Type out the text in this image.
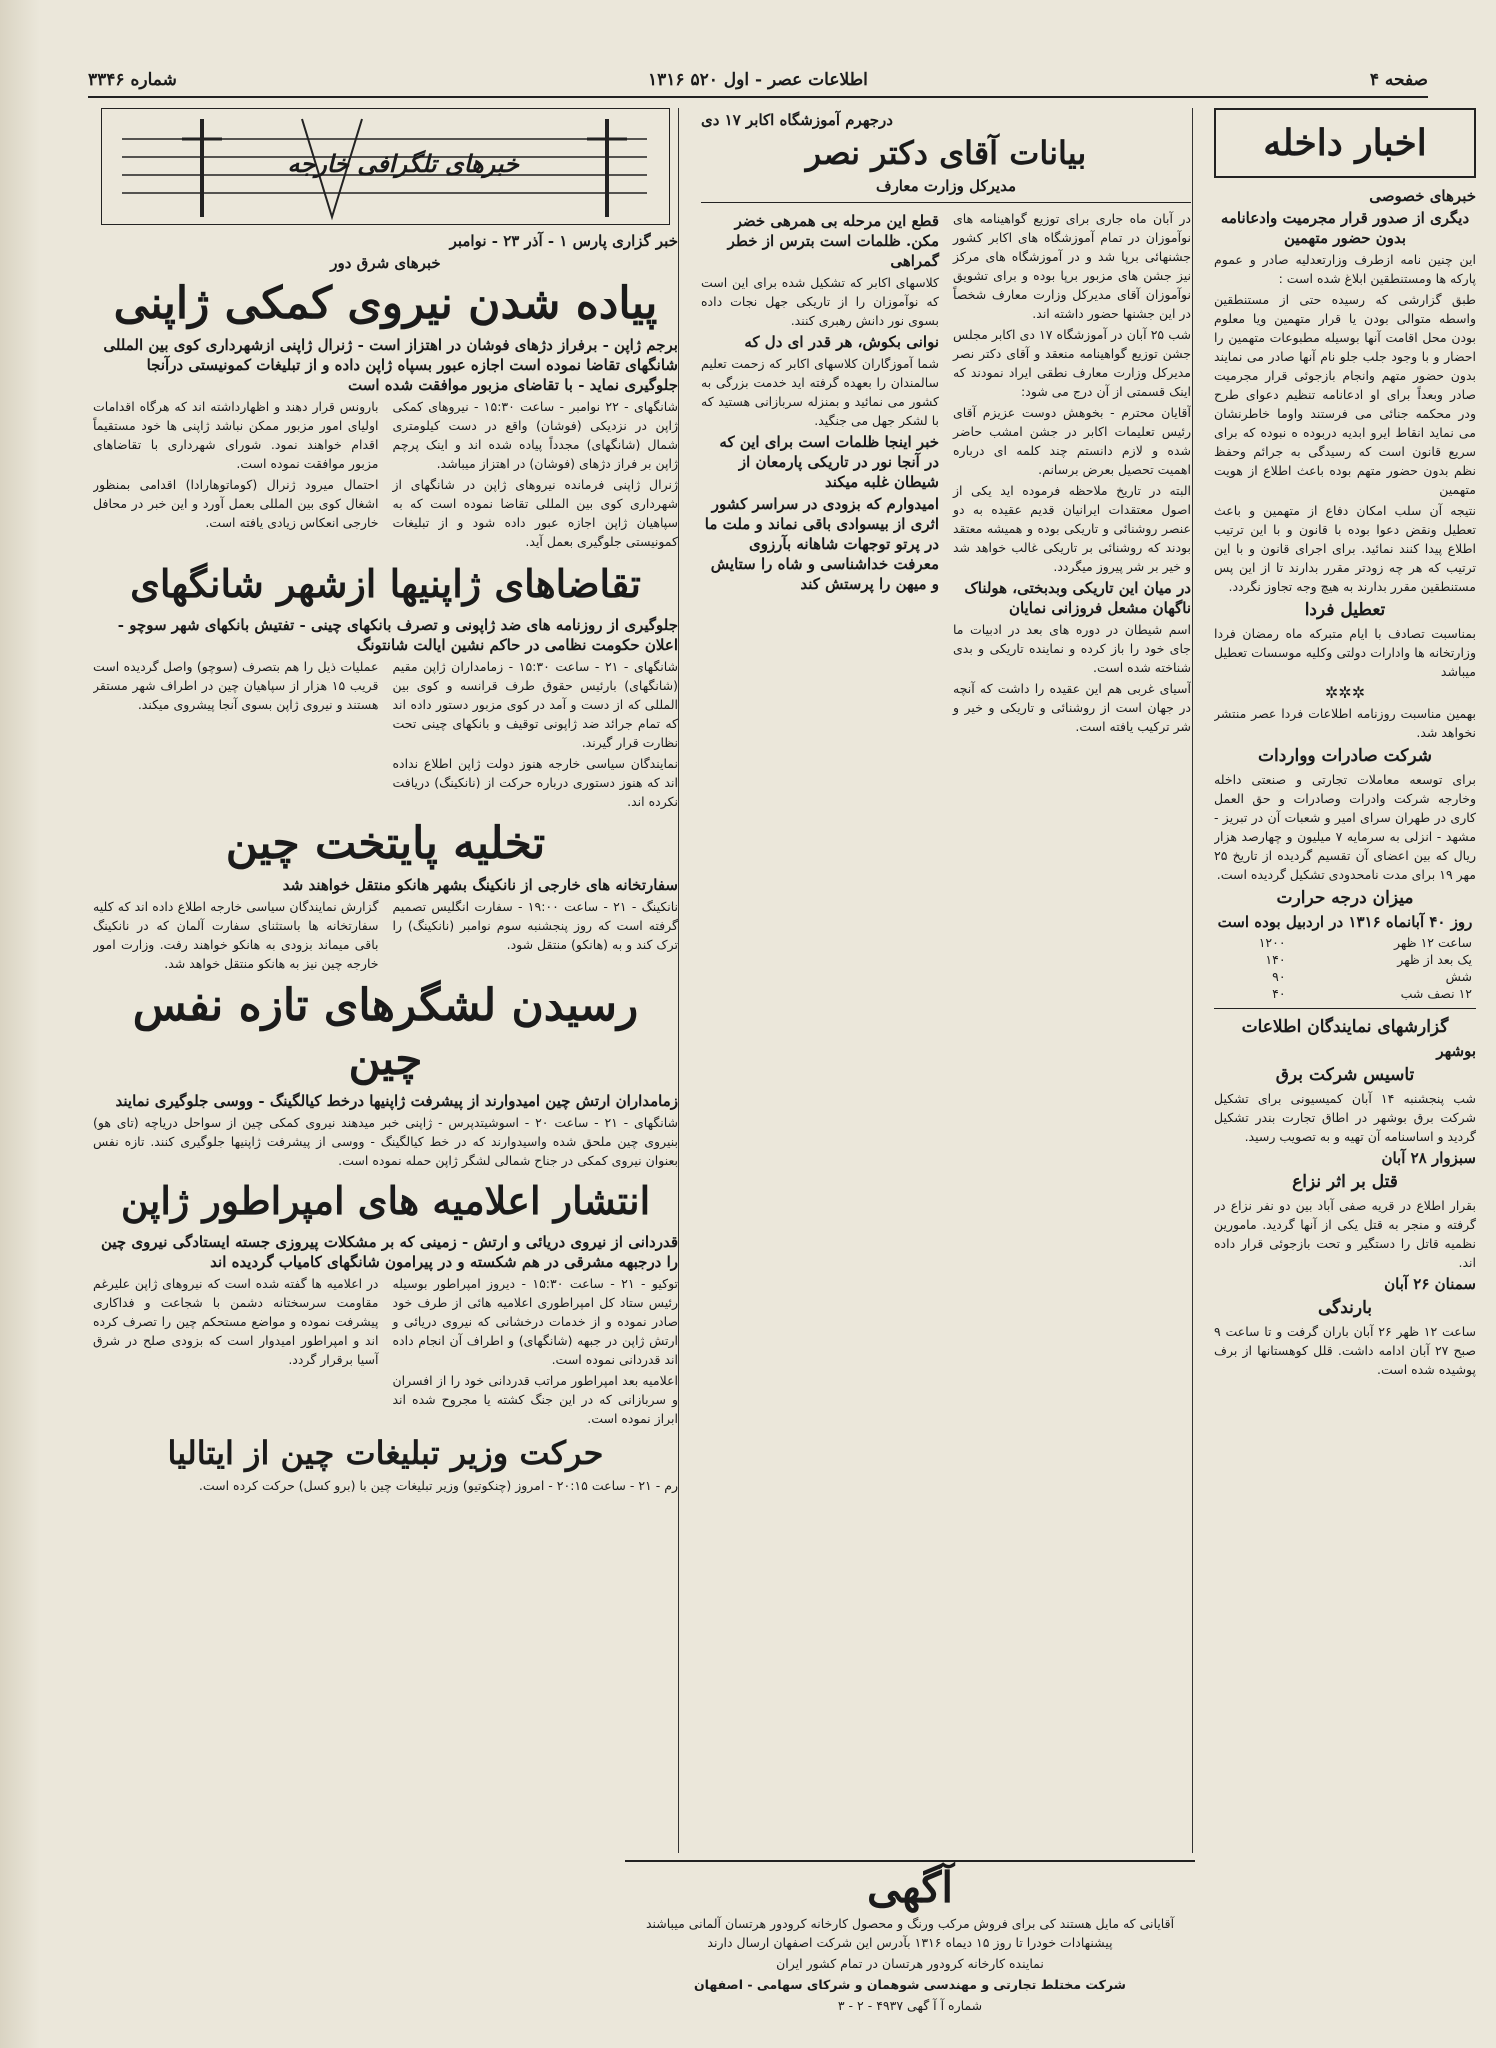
صفحه ۴
اطلاعات عصر - اول ۵۲۰ ۱۳۱۶
شماره ۳۳۴۶
اخبار داخله
خبرهای خصوصی
دیگری از صدور قرار مجرمیت وادعانامه بدون حضور متهمین

این چنین نامه ازطرف وزارتعدلیه صادر و عموم پارکه ها ومستنطقین ابلاغ شده است :

طبق گزارشی که رسیده حتی از مستنطقین واسطه متوالی بودن یا قرار متهمین ویا معلوم بودن محل اقامت آنها بوسیله مطبوعات متهمین را احضار و با وجود جلب جلو نام آنها صادر می نمایند بدون حضور متهم وانجام بازجوئی قرار مجرمیت صادر وبعداً برای او ادعانامه تنظیم دعوای طرح ودر محکمه جنائی می فرستند واوما خاطرنشان می نماید انقاط ایرو ابدیه دربوده ه نبوده که برای سریع قانون است که رسیدگی به جرائم وحفظ نظم بدون حضور متهم بوده باعث اطلاع از هویت متهمین

نتیجه آن سلب امکان دفاع از متهمین و باعث تعطیل ونقض دعوا بوده با قانون و با این ترتیب اطلاع پیدا کنند نمائید. برای اجرای قانون و با این ترتیب که هر چه زودتر مقرر بدارند تا از این پس مستنطقین مقرر بدارند به هیچ وجه تجاوز نگردد.

تعطیل فردا

بمناسبت تصادف با ایام متبرکه ماه رمضان فردا وزارتخانه ها وادارات دولتی وکلیه موسسات تعطیل میباشد

✲✲✲

بهمین مناسبت روزنامه اطلاعات فردا عصر منتشر نخواهد شد.

شرکت صادرات وواردات

برای توسعه معاملات تجارتی و صنعتی داخله وخارجه شرکت وادرات وصادرات و حق العمل کاری در طهران سرای امیر و شعبات آن در تبریز - مشهد - انزلی به سرمایه ۷ میلیون و چهارصد هزار ریال که بین اعضای آن تقسیم گردیده از تاریخ ۲۵ مهر ۱۹ برای مدت نامحدودی تشکیل گردیده است.

میزان درجه حرارت
روز ۴۰ آبانماه ۱۳۱۶ در اردبیل بوده است
ساعت ۱۲ ظهر	۱۲۰۰
یک بعد از ظهر	۱۴۰
شش	۹۰
۱۲ نصف شب	۴۰
گزارشهای نمایندگان اطلاعات
بوشهر
تاسیس شرکت برق

شب پنجشنبه ۱۴ آبان کمیسیونی برای تشکیل شرکت برق بوشهر در اطاق تجارت بندر تشکیل گردید و اساسنامه آن تهیه و به تصویب رسید.

سبزوار ۲۸ آبان
قتل بر اثر نزاع

بقرار اطلاع در قریه صفی آباد بین دو نفر نزاع در گرفته و منجر به قتل یکی از آنها گردید. مامورین نظمیه قاتل را دستگیر و تحت بازجوئی قرار داده اند.

سمنان ۲۶ آبان
بارندگی

ساعت ۱۲ ظهر ۲۶ آبان باران گرفت و تا ساعت ۹ صبح ۲۷ آبان ادامه داشت. قلل کوهستانها از برف پوشیده شده است.

درجهرم آموزشگاه اکابر ۱۷ دی
بیانات آقای دکتر نصر
مدیرکل وزارت معارف

در آبان ماه جاری برای توزیع گواهینامه های نوآموزان در تمام آموزشگاه های اکابر کشور جشنهائی برپا شد و در آموزشگاه های مرکز نیز جشن های مزبور برپا بوده و برای تشویق نوآموزان آقای مدیرکل وزارت معارف شخصاً در این جشنها حضور داشته اند.

شب ۲۵ آبان در آموزشگاه ۱۷ دی اکابر مجلس جشن توزیع گواهینامه منعقد و آقای دکتر نصر مدیرکل وزارت معارف نطقی ایراد نمودند که اینک قسمتی از آن درج می شود:

آقایان محترم - بخوهش دوست عزیزم آقای رئیس تعلیمات اکابر در جشن امشب حاضر شده و لازم دانستم چند کلمه ای درباره اهمیت تحصیل بعرض برسانم.

البته در تاریخ ملاحظه فرموده اید یکی از اصول معتقدات ایرانیان قدیم عقیده به دو عنصر روشنائی و تاریکی بوده و همیشه معتقد بودند که روشنائی بر تاریکی غالب خواهد شد و خیر بر شر پیروز میگردد.

در میان این تاریکی وبدبختی، هولناک ناگهان مشعل فروزانی نمایان

اسم شیطان در دوره های بعد در ادبیات ما جای خود را باز کرده و نماینده تاریکی و بدی شناخته شده است.

آسیای غربی هم این عقیده را داشت که آنچه در جهان است از روشنائی و تاریکی و خیر و شر ترکیب یافته است.

قطع این مرحله بی همرهی خضر مکن. ظلمات است بترس از خطر گمراهی

کلاسهای اکابر که تشکیل شده برای این است که نوآموزان را از تاریکی جهل نجات داده بسوی نور دانش رهبری کنند.

نوانی بکوش، هر قدر ای دل که

شما آموزگاران کلاسهای اکابر که زحمت تعلیم سالمندان را بعهده گرفته اید خدمت بزرگی به کشور می نمائید و بمنزله سربازانی هستید که با لشکر جهل می جنگید.

خبر اینجا ظلمات است برای این که در آنجا نور در تاریکی پارمعان از شیطان غلبه میکند
امیدوارم که بزودی در سراسر کشور اثری از بیسوادی باقی نماند و ملت ما در پرتو توجهات شاهانه بآرزوی معرفت خداشناسی و شاه را ستایش و میهن را پرستش کند
خبرهای تلگرافی خارجه
خبر گزاری پارس ۱ - آذر ۲۳ - نوامبر
خبرهای شرق دور
پیاده شدن نیروی کمکی ژاپنی
برجم ژاپن - برفراز دژهای فوشان در اهتزاز است - ژنرال ژاپنی ازشهرداری کوی بین المللی شانگهای تقاضا نموده است اجازه عبور بسپاه ژاپن داده و از تبلیغات کمونیستی درآنجا جلوگیری نماید - با تقاضای مزبور موافقت شده است

شانگهای - ۲۲ نوامبر - ساعت ۱۵:۳۰ - نیروهای کمکی ژاپن در نزدیکی (فوشان) واقع در دست کیلومتری شمال (شانگهای) مجدداً پیاده شده اند و اینک پرچم ژاپن بر فراز دژهای (فوشان) در اهتزاز میباشد.

ژنرال ژاپنی فرمانده نیروهای ژاپن در شانگهای از شهرداری کوی بین المللی تقاضا نموده است که به سپاهیان ژاپن اجازه عبور داده شود و از تبلیغات کمونیستی جلوگیری بعمل آید.

بارونس قرار دهند و اظهارداشته اند که هرگاه اقدامات اولیای امور مزبور ممکن نباشد ژاپنی ها خود مستقیماً اقدام خواهند نمود. شورای شهرداری با تقاضاهای مزبور موافقت نموده است.

احتمال میرود ژنرال (کوماتوهارادا) اقدامی بمنظور اشغال کوی بین المللی بعمل آورد و این خبر در محافل خارجی انعکاس زیادی یافته است.

تقاضاهای ژاپنیها ازشهر شانگهای
جلوگیری از روزنامه های ضد ژاپونی و تصرف بانکهای چینی - تفتیش بانکهای شهر سوچو - اعلان حکومت نظامی در حاکم نشین ایالت شانتونگ

شانگهای - ۲۱ - ساعت ۱۵:۳۰ - زمامداران ژاپن مقیم (شانگهای) بارئیس حقوق طرف قرانسه و کوی بین المللی که از دست و آمد در کوی مزبور دستور داده اند که تمام جرائد ضد ژاپونی توقیف و بانکهای چینی تحت نظارت قرار گیرند.

نمایندگان سیاسی خارجه هنوز دولت ژاپن اطلاع نداده اند که هنوز دستوری درباره حرکت از (نانکینگ) دریافت نکرده اند.

عملیات ذیل را هم بتصرف (سوچو) واصل گردیده است قریب ۱۵ هزار از سپاهیان چین در اطراف شهر مستقر هستند و نیروی ژاپن بسوی آنجا پیشروی میکند.

تخلیه پایتخت چین
سفارتخانه های خارجی از نانکینگ بشهر هانکو منتقل خواهند شد

نانکینگ - ۲۱ - ساعت ۱۹:۰۰ - سفارت انگلیس تصمیم گرفته است که روز پنجشنبه سوم نوامبر (نانکینگ) را ترک کند و به (هانکو) منتقل شود.

گزارش نمایندگان سیاسی خارجه اطلاع داده اند که کلیه سفارتخانه ها باستثنای سفارت آلمان که در نانکینگ باقی میماند بزودی به هانکو خواهند رفت. وزارت امور خارجه چین نیز به هانکو منتقل خواهد شد.

رسیدن لشگرهای تازه نفس چین
زمامداران ارتش چین امیدوارند از پیشرفت ژاپنیها درخط کیالگینگ - ووسی جلوگیری نمایند

شانگهای - ۲۱ - ساعت ۲۰ - اسوشیتدپرس - ژاپنی خبر میدهند نیروی کمکی چین از سواحل دریاچه (تای هو) بنیروی چین ملحق شده واسیدوارند که در خط کیالگینگ - ووسی از پیشرفت ژاپنیها جلوگیری کنند. تازه نفس بعنوان نیروی کمکی در جناح شمالی لشگر ژاپن حمله نموده است.

انتشار اعلامیه های امپراطور ژاپن
قدردانی از نیروی دریائی و ارتش - زمینی که بر مشکلات پیروزی جسته ایستادگی نیروی چین را درجبهه مشرقی در هم شکسته و در پیرامون شانگهای کامیاب گردیده اند

توکیو - ۲۱ - ساعت ۱۵:۳۰ - دیروز امپراطور بوسیله رئیس ستاد کل امپراطوری اعلامیه هائی از طرف خود صادر نموده و از خدمات درخشانی که نیروی دریائی و ارتش ژاپن در جبهه (شانگهای) و اطراف آن انجام داده اند قدردانی نموده است.

اعلامیه بعد امپراطور مراتب قدردانی خود را از افسران و سربازانی که در این جنگ کشته یا مجروح شده اند ابراز نموده است.

در اعلامیه ها گفته شده است که نیروهای ژاپن علیرغم مقاومت سرسختانه دشمن با شجاعت و فداکاری پیشرفت نموده و مواضع مستحکم چین را تصرف کرده اند و امپراطور امیدوار است که بزودی صلح در شرق آسیا برقرار گردد.

حرکت وزیر تبلیغات چین از ایتالیا

رم - ۲۱ - ساعت ۲۰:۱۵ - امروز (چنکوتیو) وزیر تبلیغات چین با (برو کسل) حرکت کرده است.

آگهی

آقایانی که مایل هستند کی برای فروش مرکب ورنگ و محصول کارخانه کرودور هرتسان آلمانی میباشند پیشنهادات خودرا تا روز ۱۵ دیماه ۱۳۱۶ بآدرس این شرکت اصفهان ارسال دارند

نماینده کارخانه کرودور هرتسان در تمام کشور ایران

شرکت مختلط تجارتی و مهندسی شوهمان و شرکای سهامی - اصفهان

شماره آ آ گهی ۴۹۳۷ - ۲ - ۳
